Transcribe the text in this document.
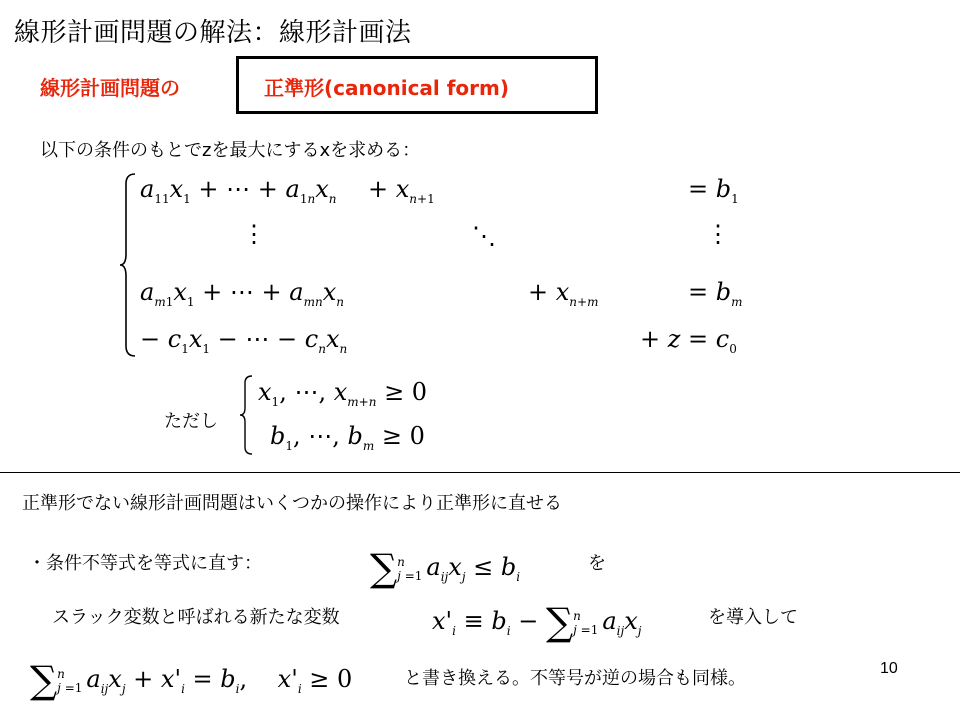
線形計画問題の解法：線形計画法
線形計画問題の	正準形(canonical form)
以下の条件のもとでzを最大にするxを求める：
$a_{11}x_1$ + ⋯ + $a_{1n}x_n + x_{n+1}$	= $b_1$
⋮	⋱	⋮
$a_{m1}x_1$ + ⋯ + $a_{mn}x_n$	+ $x_{n+m}$	= $b_m$
− $c_1x_1$ − ⋯ − $c_nx_n$	+ $z = c_0$
ただし
$x_1$, ⋯, $x_{m+n} \ge 0$
$b_1$, ⋯, $b_m \ge 0$
正準形でない線形計画問題はいくつかの操作により正準形に直せる
・条件不等式を等式に直す：	∑ n
j =1 $a_{ij}x_j \le b_i$
を
スラック変数と呼ばれる新たな変数	$x'_i \equiv b_i$ − ∑ n
j =1 $a_{ij}x_j$
を導入して
∑ n
j =1 $a_{ij}x_j + x'_i = b_i$,    $x'_i \ge 0$	と書き換える。不等号が逆の場合も同様。	10
